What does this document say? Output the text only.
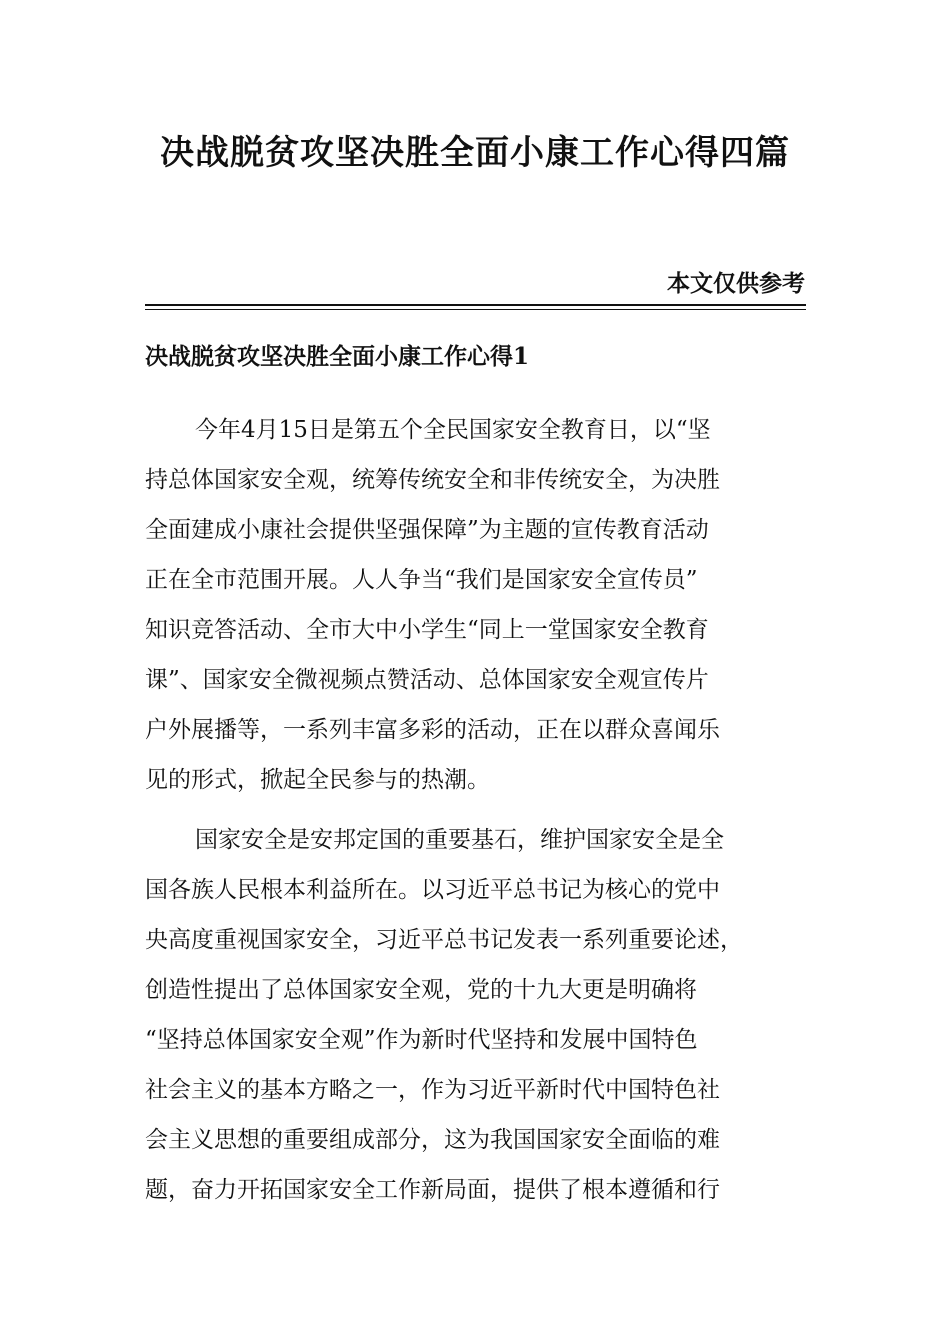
决战脱贫攻坚决胜全面小康工作心得四篇
本文仅供参考
决战脱贫攻坚决胜全面小康工作心得1
今年4月15日是第五个全民国家安全教育日，以“坚
持总体国家安全观，统筹传统安全和非传统安全，为决胜
全面建成小康社会提供坚强保障”为主题的宣传教育活动
正在全市范围开展。人人争当“我们是国家安全宣传员”
知识竞答活动、全市大中小学生“同上一堂国家安全教育
课”、国家安全微视频点赞活动、总体国家安全观宣传片
户外展播等，一系列丰富多彩的活动，正在以群众喜闻乐
见的形式，掀起全民参与的热潮。
国家安全是安邦定国的重要基石，维护国家安全是全
国各族人民根本利益所在。以习近平总书记为核心的党中
央高度重视国家安全，习近平总书记发表一系列重要论述，
创造性提出了总体国家安全观，党的十九大更是明确将
“坚持总体国家安全观”作为新时代坚持和发展中国特色
社会主义的基本方略之一，作为习近平新时代中国特色社
会主义思想的重要组成部分，这为我国国家安全面临的难
题，奋力开拓国家安全工作新局面，提供了根本遵循和行
